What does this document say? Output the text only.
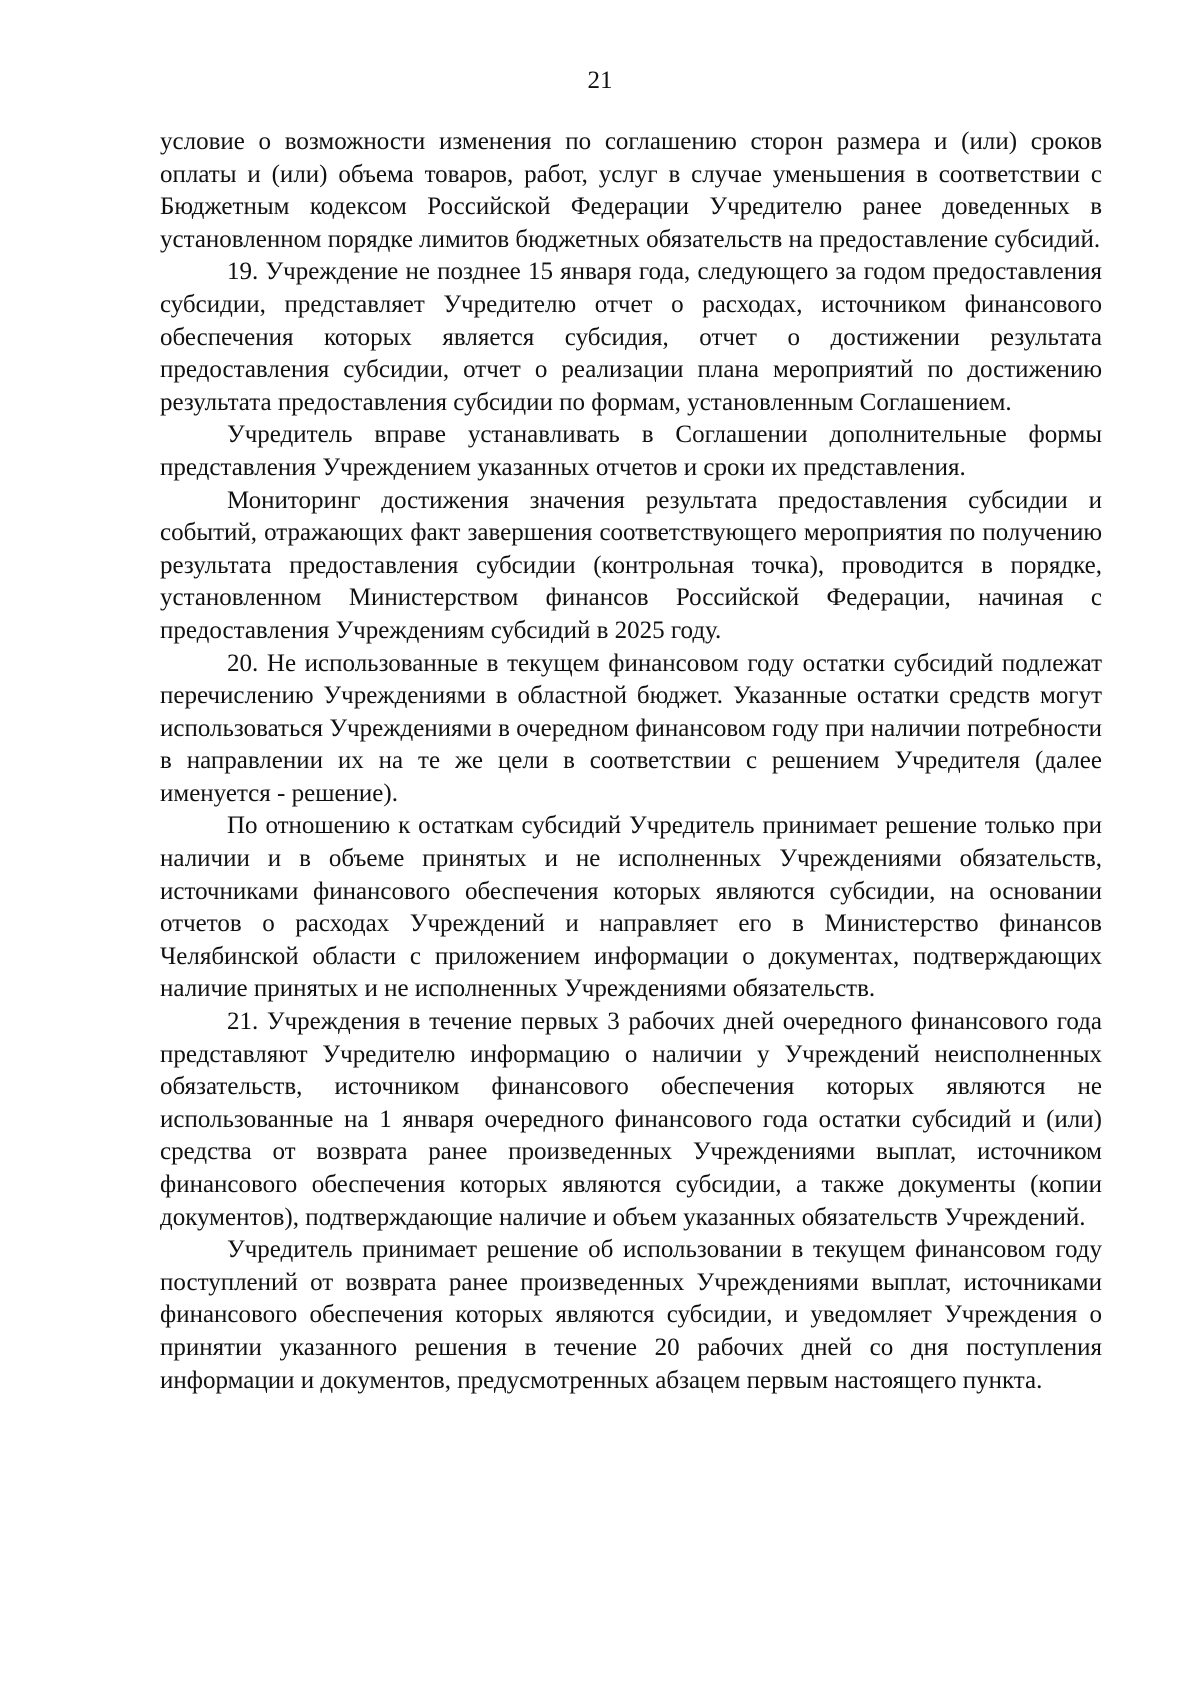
21

условие о возможности изменения по соглашению сторон размера и (или) сроков оплаты и (или) объема товаров, работ, услуг в случае уменьшения в соответствии с Бюджетным кодексом Российской Федерации Учредителю ранее доведенных в установленном порядке лимитов бюджетных обязательств на предоставление субсидий.

19. Учреждение не позднее 15 января года, следующего за годом предоставления субсидии, представляет Учредителю отчет о расходах, источником финансового обеспечения которых является субсидия, отчет о достижении результата предоставления субсидии, отчет о реализации плана мероприятий по достижению результата предоставления субсидии по формам, установленным Соглашением.

Учредитель вправе устанавливать в Соглашении дополнительные формы представления Учреждением указанных отчетов и сроки их представления.

Мониторинг достижения значения результата предоставления субсидии и событий, отражающих факт завершения соответствующего мероприятия по получению результата предоставления субсидии (контрольная точка), проводится в порядке, установленном Министерством финансов Российской Федерации, начиная с предоставления Учреждениям субсидий в 2025 году.

20. Не использованные в текущем финансовом году остатки субсидий подлежат перечислению Учреждениями в областной бюджет. Указанные остатки средств могут использоваться Учреждениями в очередном финансовом году при наличии потребности в направлении их на те же цели в соответствии с решением Учредителя (далее именуется - решение).

По отношению к остаткам субсидий Учредитель принимает решение только при наличии и в объеме принятых и не исполненных Учреждениями обязательств, источниками финансового обеспечения которых являются субсидии, на основании отчетов о расходах Учреждений и направляет его в Министерство финансов Челябинской области с приложением информации о документах, подтверждающих наличие принятых и не исполненных Учреждениями обязательств.

21. Учреждения в течение первых 3 рабочих дней очередного финансового года представляют Учредителю информацию о наличии у Учреждений неисполненных обязательств, источником финансового обеспечения которых являются не использованные на 1 января очередного финансового года остатки субсидий и (или) средства от возврата ранее произведенных Учреждениями выплат, источником финансового обеспечения которых являются субсидии, а также документы (копии документов), подтверждающие наличие и объем указанных обязательств Учреждений.

Учредитель принимает решение об использовании в текущем финансовом году поступлений от возврата ранее произведенных Учреждениями выплат, источниками финансового обеспечения которых являются субсидии, и уведомляет Учреждения о принятии указанного решения в течение 20 рабочих дней со дня поступления информации и документов, предусмотренных абзацем первым настоящего пункта.
